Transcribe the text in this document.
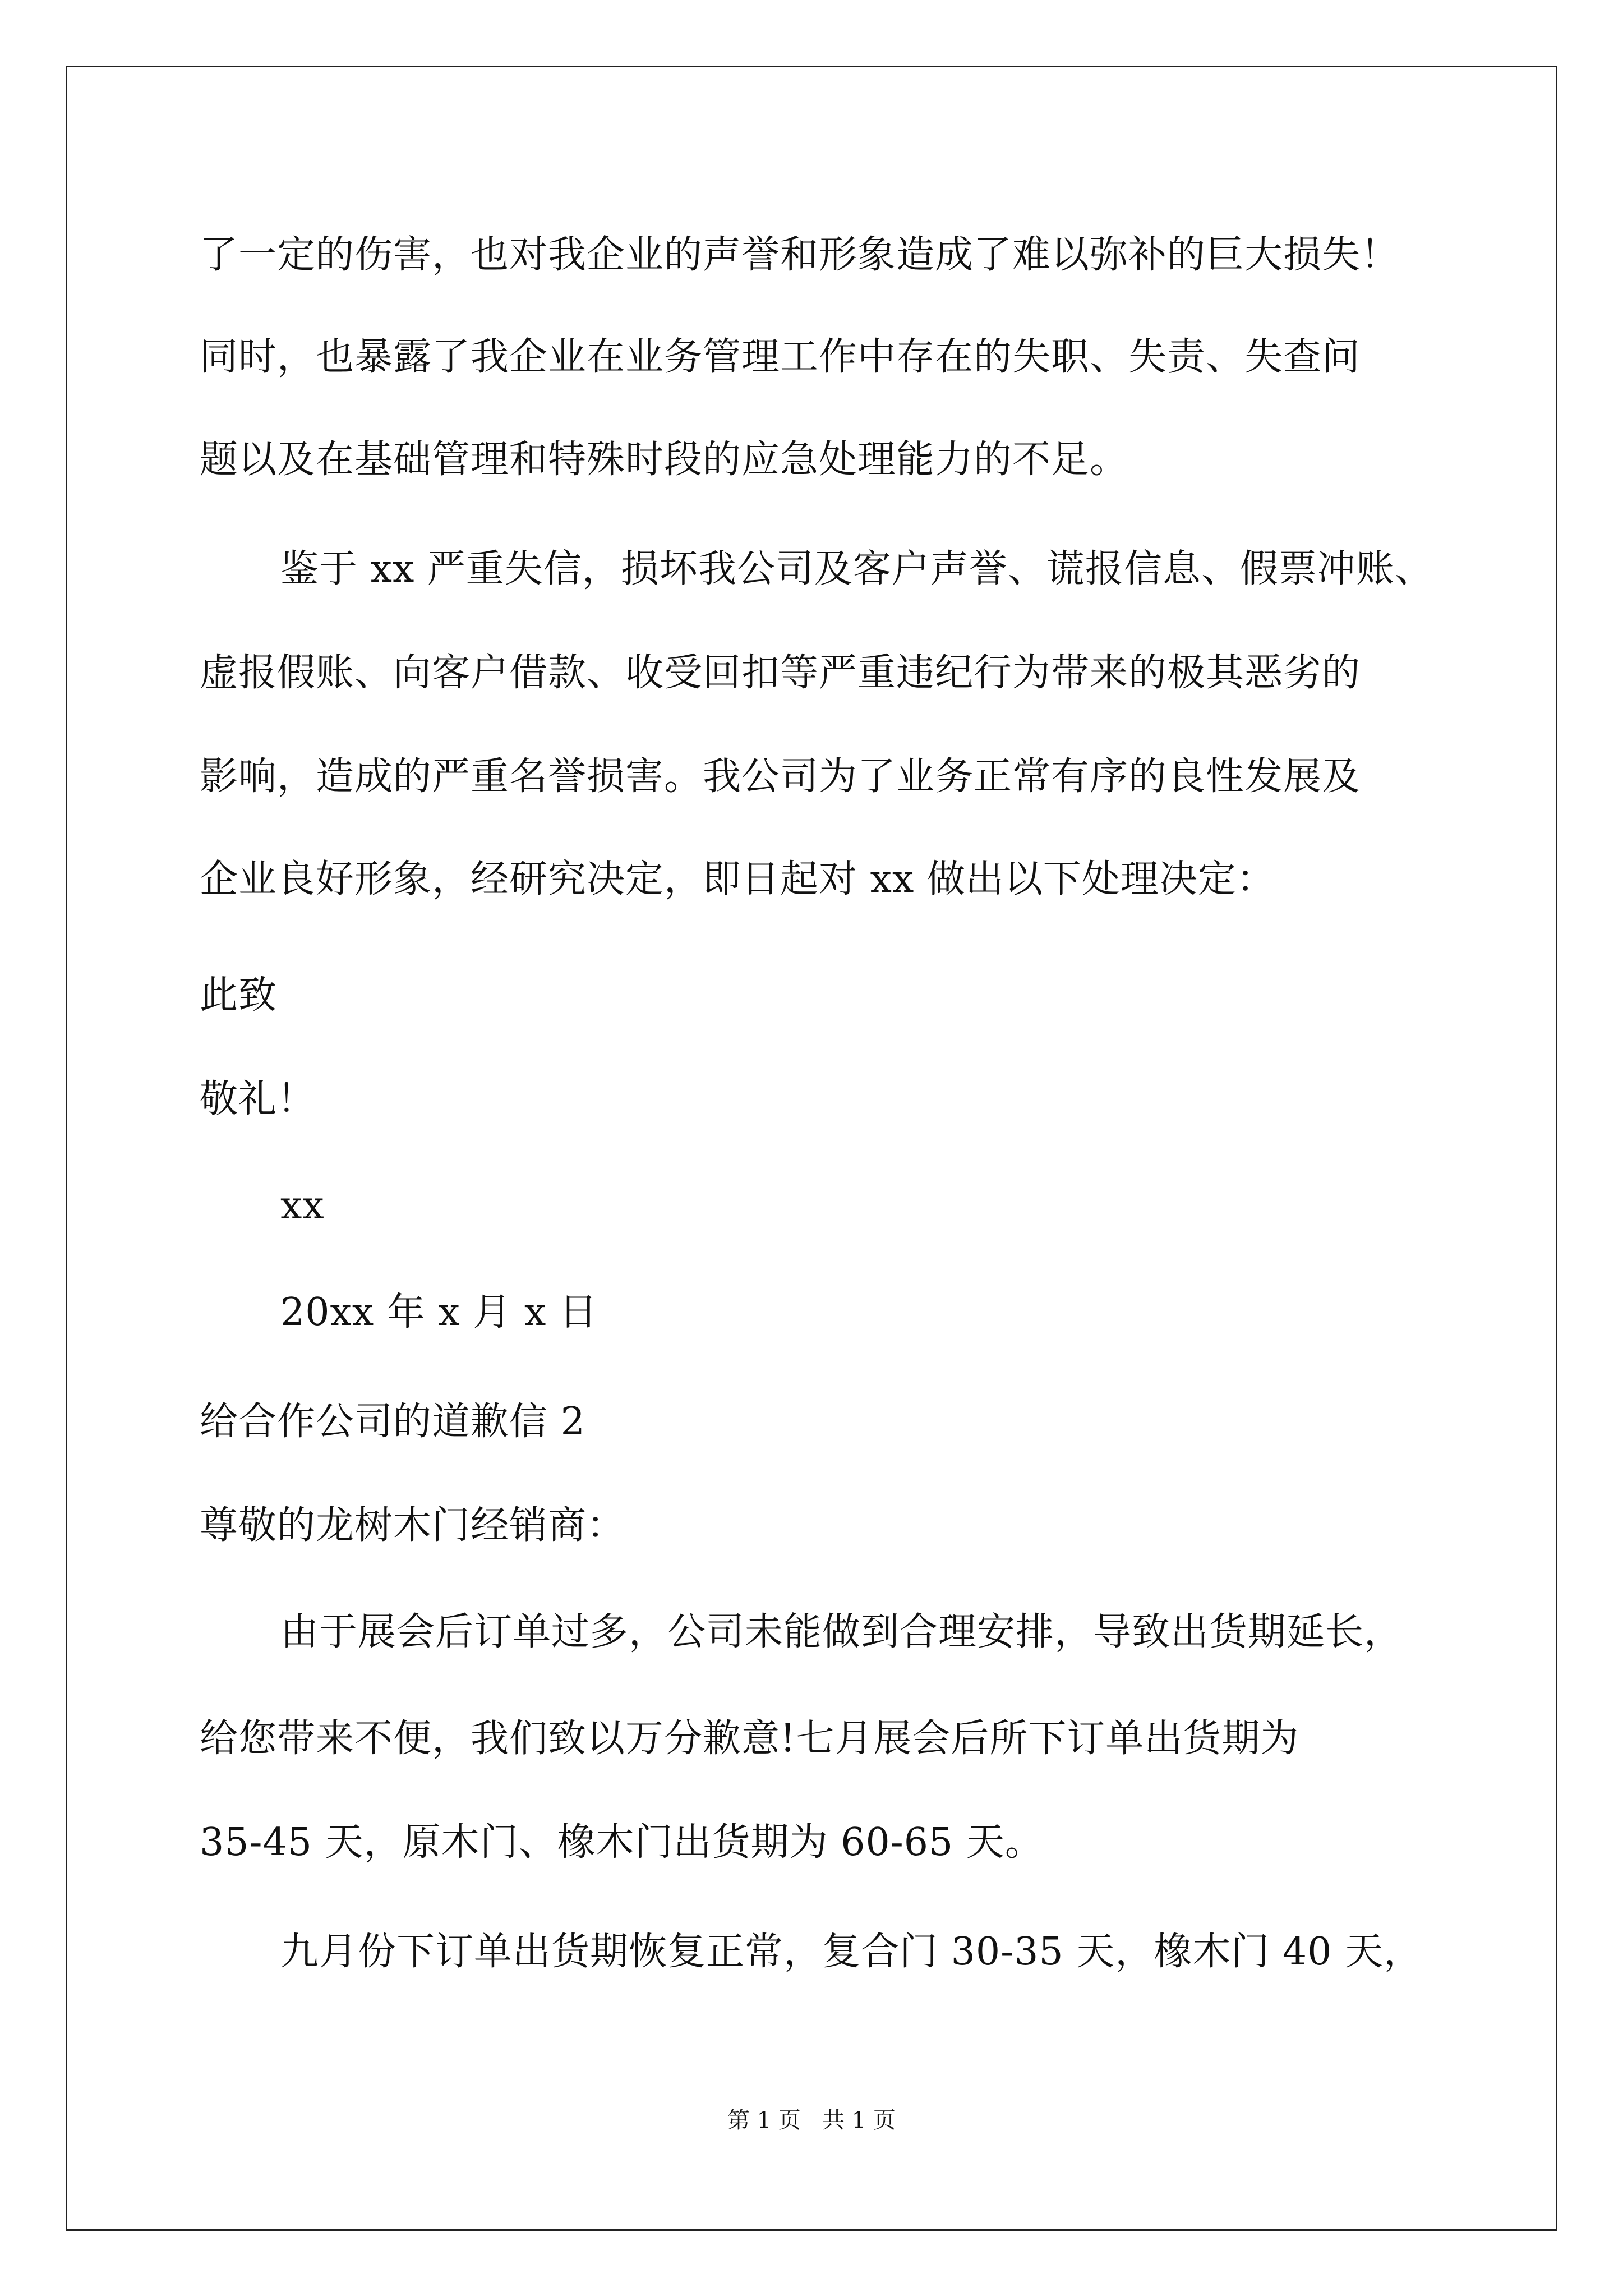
了一定的伤害，也对我企业的声誉和形象造成了难以弥补的巨大损失！
同时，也暴露了我企业在业务管理工作中存在的失职、失责、失查问
题以及在基础管理和特殊时段的应急处理能力的不足。
鉴于 xx 严重失信，损坏我公司及客户声誉、谎报信息、假票冲账、
虚报假账、向客户借款、收受回扣等严重违纪行为带来的极其恶劣的
影响，造成的严重名誉损害。我公司为了业务正常有序的良性发展及
企业良好形象，经研究决定，即日起对 xx 做出以下处理决定：
此致
敬礼！
xx
20xx 年 x 月 x 日
给合作公司的道歉信 2
尊敬的龙树木门经销商：
由于展会后订单过多，公司未能做到合理安排，导致出货期延长，
给您带来不便，我们致以万分歉意!七月展会后所下订单出货期为
35-45 天，原木门、橡木门出货期为 60-65 天。
九月份下订单出货期恢复正常，复合门 30-35 天，橡木门 40 天，
第 1 页   共 1 页
